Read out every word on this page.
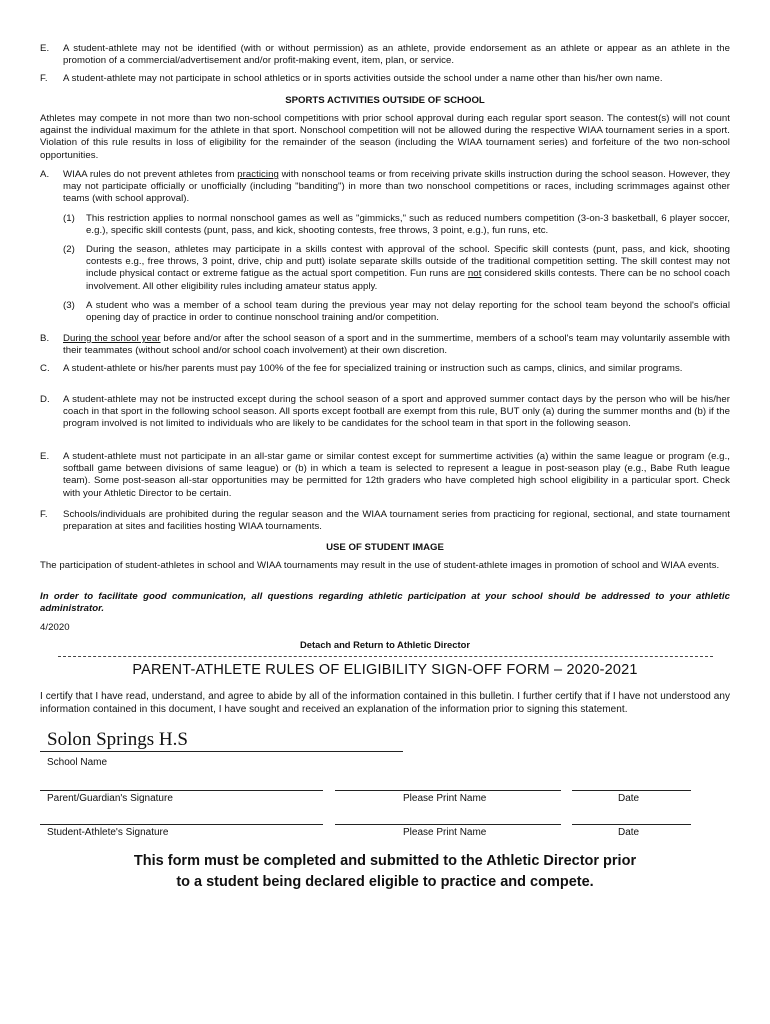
E. A student-athlete may not be identified (with or without permission) as an athlete, provide endorsement as an athlete or appear as an athlete in the promotion of a commercial/advertisement and/or profit-making event, item, plan, or service.
F. A student-athlete may not participate in school athletics or in sports activities outside the school under a name other than his/her own name.
SPORTS ACTIVITIES OUTSIDE OF SCHOOL
Athletes may compete in not more than two non-school competitions with prior school approval during each regular sport season. The contest(s) will not count against the individual maximum for the athlete in that sport. Nonschool competition will not be allowed during the respective WIAA tournament series in a sport. Violation of this rule results in loss of eligibility for the remainder of the season (including the WIAA tournament series) and forfeiture of the two non-school opportunities.
A. WIAA rules do not prevent athletes from practicing with nonschool teams or from receiving private skills instruction during the school season. However, they may not participate officially or unofficially (including "banditing") in more than two nonschool competitions or races, including scrimmages against other teams (with school approval).
(1) This restriction applies to normal nonschool games as well as "gimmicks," such as reduced numbers competition (3-on-3 basketball, 6 player soccer, e.g.), specific skill contests (punt, pass, and kick, shooting contests, free throws, 3 point, e.g.), fun runs, etc.
(2) During the season, athletes may participate in a skills contest with approval of the school. Specific skill contests (punt, pass, and kick, shooting contests e.g., free throws, 3 point, drive, chip and putt) isolate separate skills outside of the traditional competition setting. The skill contest may not include physical contact or extreme fatigue as the actual sport competition. Fun runs are not considered skills contests. There can be no school coach involvement. All other eligibility rules including amateur status apply.
(3) A student who was a member of a school team during the previous year may not delay reporting for the school team beyond the school's official opening day of practice in order to continue nonschool training and/or competition.
B. During the school year before and/or after the school season of a sport and in the summertime, members of a school's team may voluntarily assemble with their teammates (without school and/or school coach involvement) at their own discretion.
C. A student-athlete or his/her parents must pay 100% of the fee for specialized training or instruction such as camps, clinics, and similar programs.
D. A student-athlete may not be instructed except during the school season of a sport and approved summer contact days by the person who will be his/her coach in that sport in the following school season. All sports except football are exempt from this rule, BUT only (a) during the summer months and (b) if the program involved is not limited to individuals who are likely to be candidates for the school team in that sport in the following season.
E. A student-athlete must not participate in an all-star game or similar contest except for summertime activities (a) within the same league or program (e.g., softball game between divisions of same league) or (b) in which a team is selected to represent a league in post-season play (e.g., Babe Ruth league team). Some post-season all-star opportunities may be permitted for 12th graders who have completed high school eligibility in a particular sport. Check with your Athletic Director to be certain.
F. Schools/individuals are prohibited during the regular season and the WIAA tournament series from practicing for regional, sectional, and state tournament preparation at sites and facilities hosting WIAA tournaments.
USE OF STUDENT IMAGE
The participation of student-athletes in school and WIAA tournaments may result in the use of student-athlete images in promotion of school and WIAA events.
In order to facilitate good communication, all questions regarding athletic participation at your school should be addressed to your athletic administrator.
4/2020
Detach and Return to Athletic Director
PARENT-ATHLETE RULES OF ELIGIBILITY SIGN-OFF FORM – 2020-2021
I certify that I have read, understand, and agree to abide by all of the information contained in this bulletin. I further certify that if I have not understood any information contained in this document, I have sought and received an explanation of the information prior to signing this statement.
Solon Springs H.S
School Name
Parent/Guardian's Signature	Please Print Name	Date
Student-Athlete's Signature	Please Print Name	Date
This form must be completed and submitted to the Athletic Director prior
to a student being declared eligible to practice and compete.
